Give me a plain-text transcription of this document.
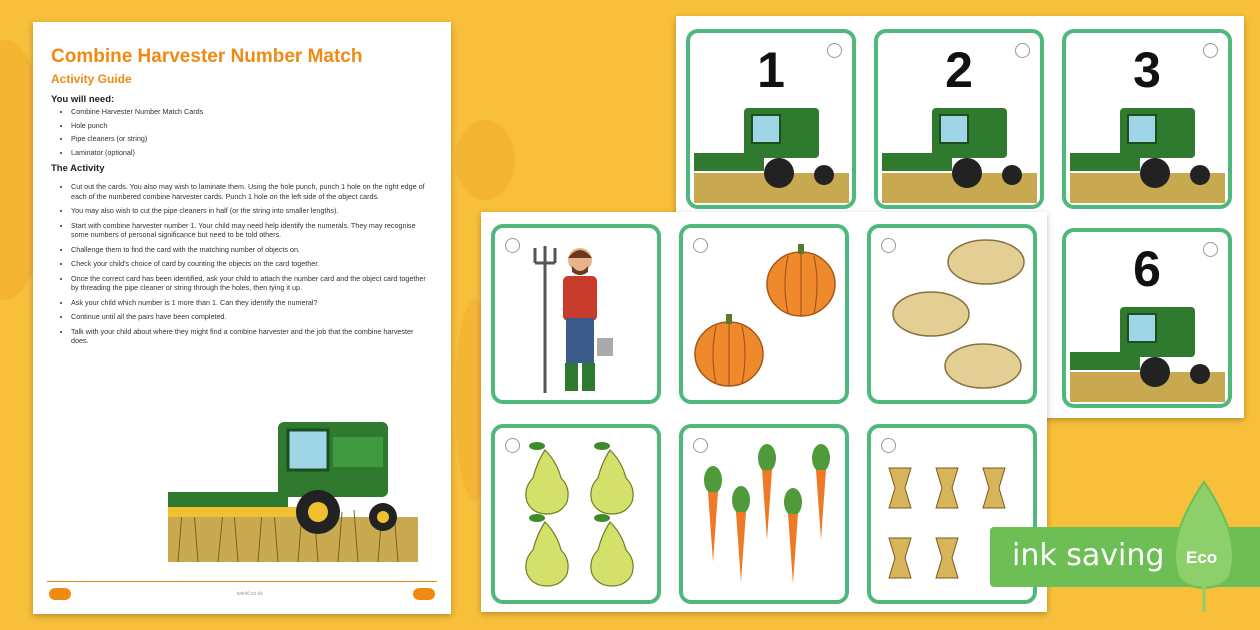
Combine Harvester Number Match
Activity Guide
You will need:
• Combine Harvester Number Match Cards
• Hole punch
• Pipe cleaners (or string)
• Laminator (optional)
The Activity
• Cut out the cards. You also may wish to laminate them. Using the hole punch, punch 1 hole on the right edge of each of the numbered combine harvester cards. Punch 1 hole on the left side of the object cards.
• You may also wish to cut the pipe cleaners in half (or the string into smaller lengths).
• Start with combine harvester number 1. Your child may need help identify the numerals. They may recognise some numbers of personal significance but need to be told others.
• Challenge them to find the card with the matching number of objects on.
• Check your child's choice of card by counting the objects on the card together.
• Once the correct card has been identified, ask your child to attach the number card and the object card together by threading the pipe cleaner or string through the holes, then tying it up.
• Ask your child which number is 1 more than 1. Can they identify the numeral?
• Continue until all the pairs have been completed.
• Talk with your child about where they might find a combine harvester and the job that the combine harvester does.
twinkl.co.uk
1	2	3
6
ink saving Eco
